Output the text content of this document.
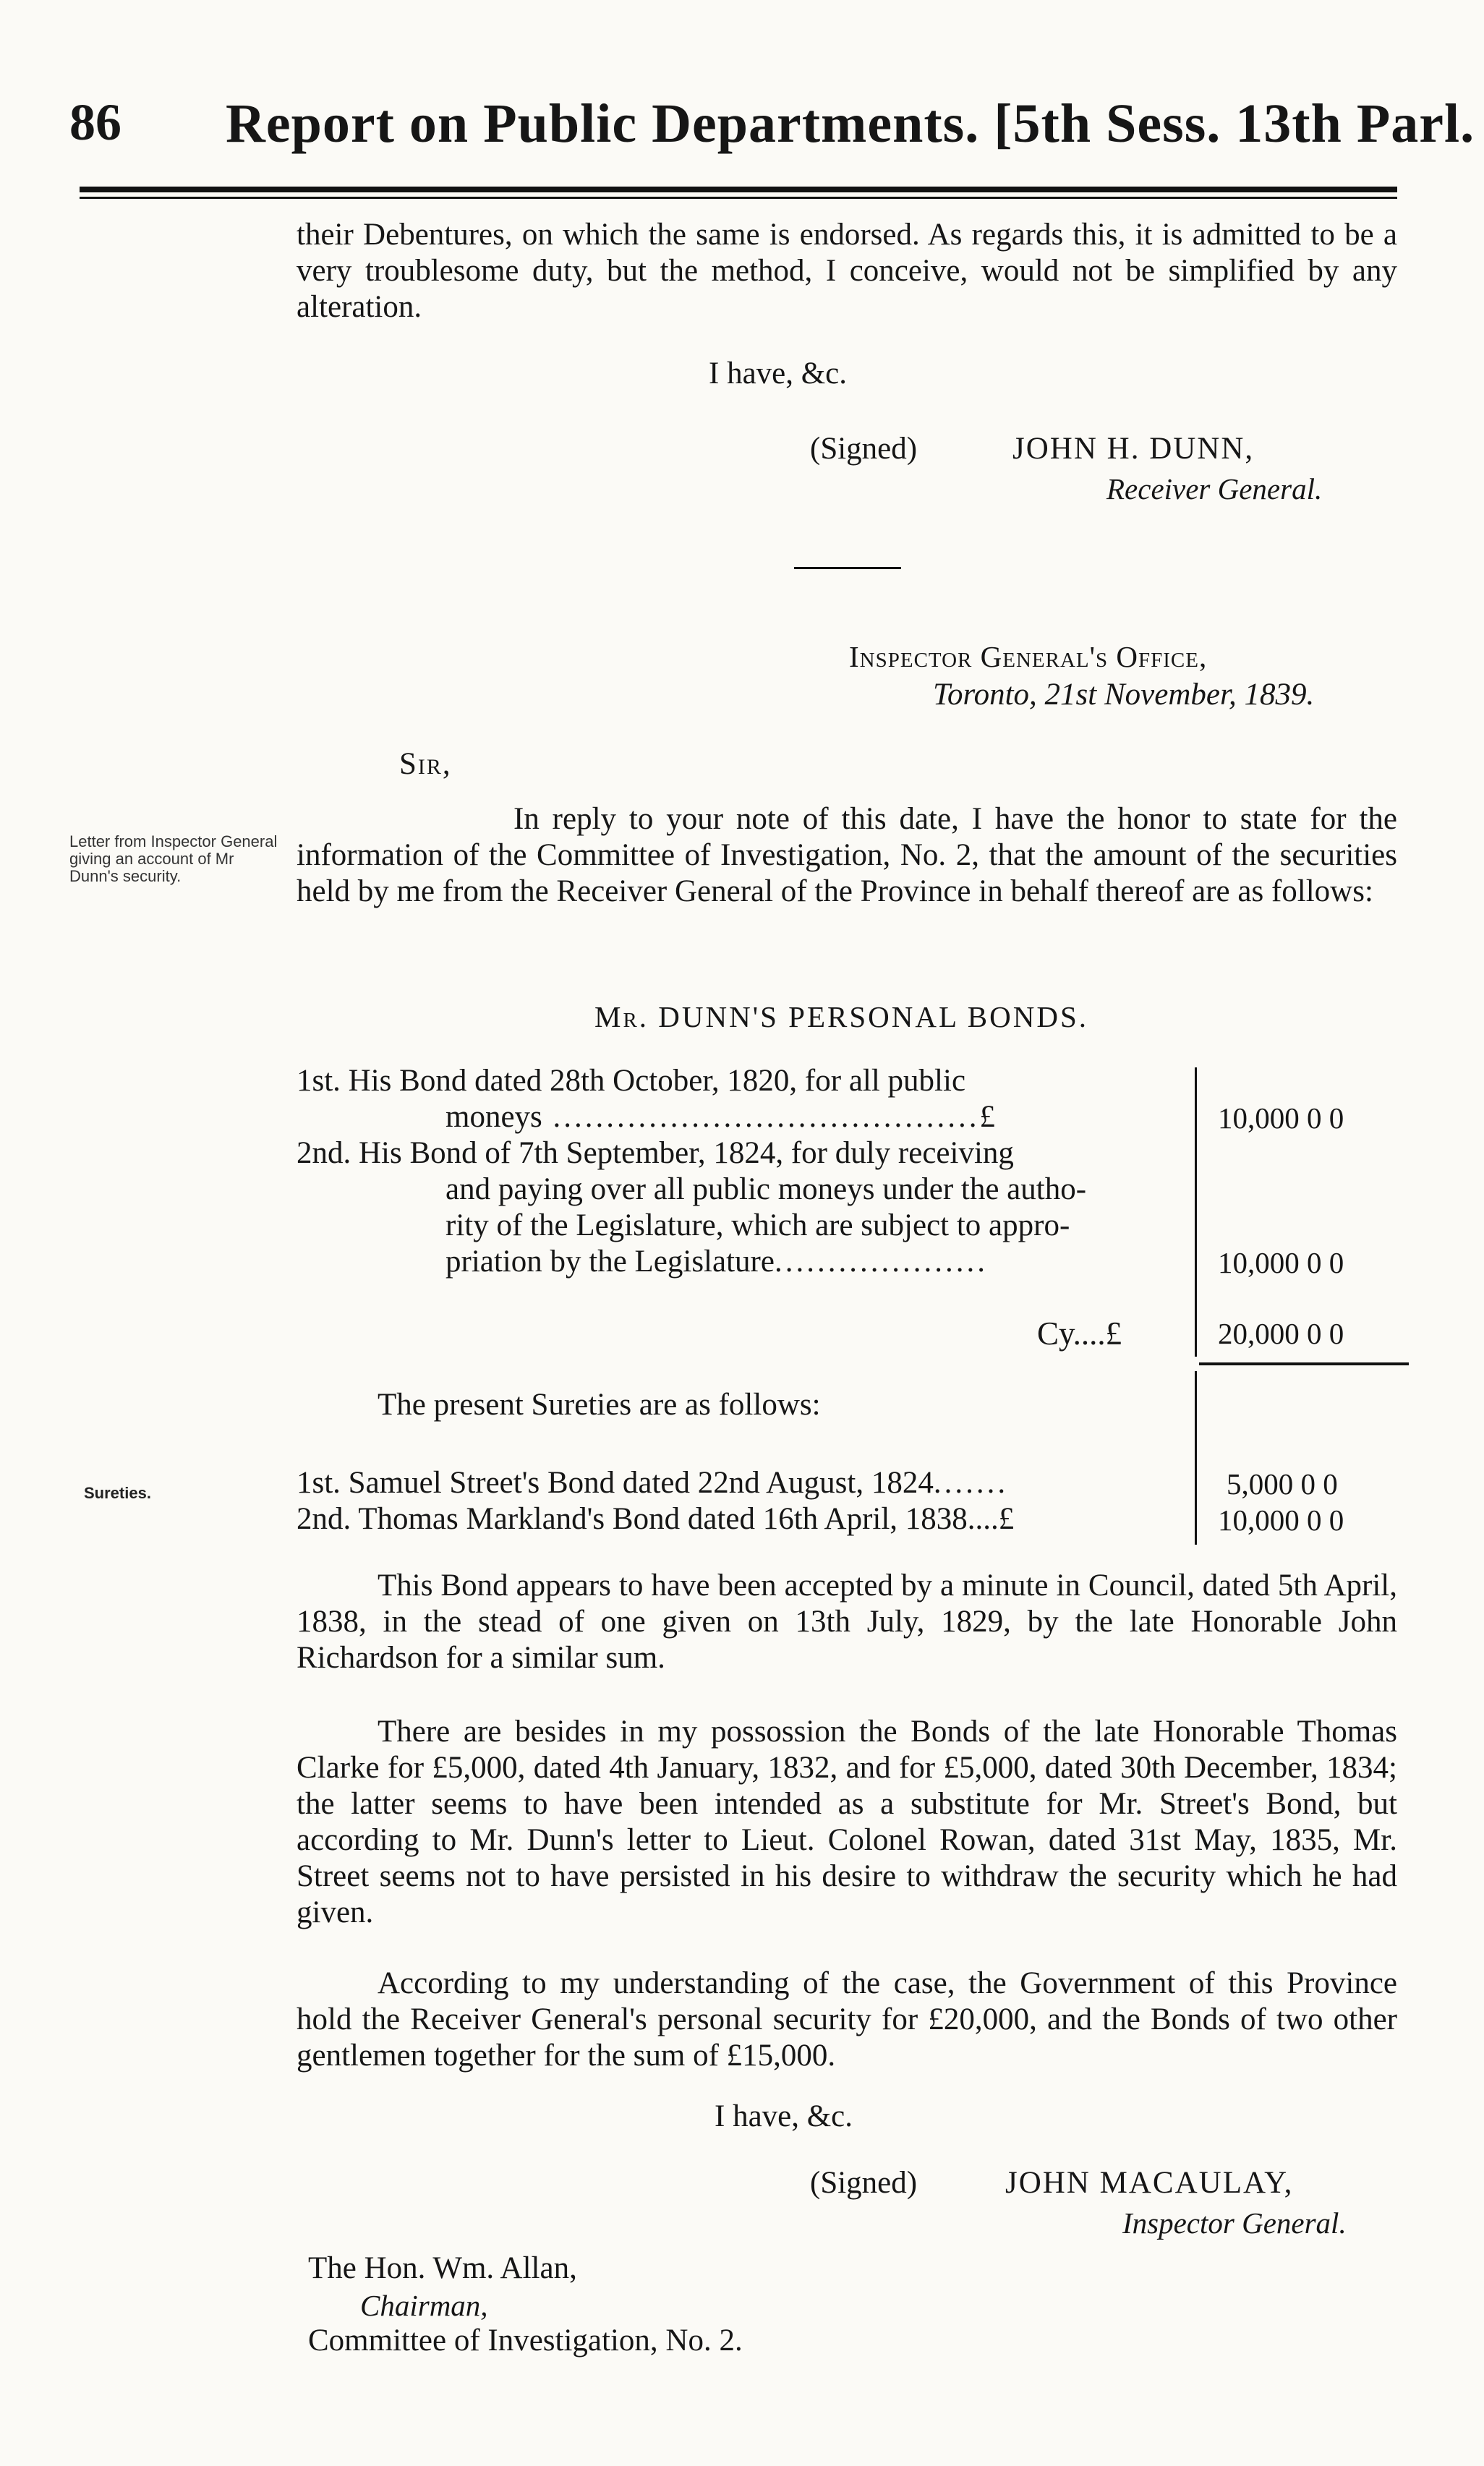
86 Report on Public Departments. [5th Sess. 13th Parl.
their Debentures, on which the same is endorsed. As regards this, it is admitted to be a very troublesome duty, but the method, I conceive, would not be simplified by any alteration.
I have, &c.
(Signed)	JOHN H. DUNN,
Receiver General.
Inspector General's Office,
Toronto, 21st November, 1839.
Sir,
Letter from Inspector General giving an account of Mr Dunn's security.
In reply to your note of this date, I have the honor to state for the information of the Committee of Investigation, No. 2, that the amount of the securities held by me from the Receiver General of the Province in behalf thereof are as follows:
Mr. DUNN'S PERSONAL BONDS.
1st. His Bond dated 28th October, 1820, for all public
moneys ........................................£	10,000 0 0
2nd. His Bond of 7th September, 1824, for duly receiving
and paying over all public moneys under the autho-
rity of the Legislature, which are subject to appro-
priation by the Legislature....................	10,000 0 0
Cy....£	20,000 0 0
The present Sureties are as follows:
Sureties.	1st. Samuel Street's Bond dated 22nd August, 1824.......	5,000 0 0
2nd. Thomas Markland's Bond dated 16th April, 1838....£	10,000 0 0
This Bond appears to have been accepted by a minute in Council, dated 5th April, 1838, in the stead of one given on 13th July, 1829, by the late Honorable John Richardson for a similar sum.
There are besides in my possossion the Bonds of the late Honorable Thomas Clarke for £5,000, dated 4th January, 1832, and for £5,000, dated 30th December, 1834; the latter seems to have been intended as a substitute for Mr. Street's Bond, but according to Mr. Dunn's letter to Lieut. Colonel Rowan, dated 31st May, 1835, Mr. Street seems not to have persisted in his desire to withdraw the security which he had given.
According to my understanding of the case, the Government of this Province hold the Receiver General's personal security for £20,000, and the Bonds of two other gentlemen together for the sum of £15,000.
I have, &c.
(Signed)	JOHN MACAULAY,
Inspector General.
The Hon. Wm. Allan,
Chairman,
Committee of Investigation, No. 2.
